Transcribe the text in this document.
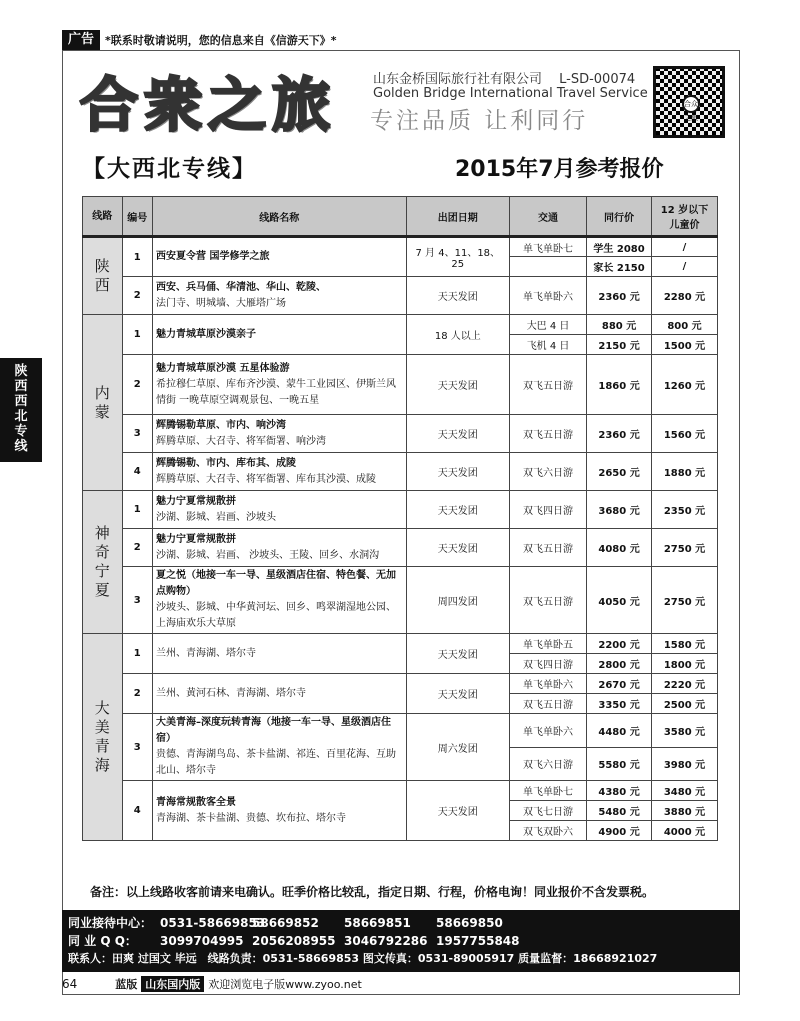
广告	*联系时敬请说明，您的信息来自《信游天下》*
合衆之旅	山东金桥国际旅行社有限公司　 L-SD-00074
Golden Bridge International Travel Service
专注品质 让利同行
合众之旅
【大西北专线】	2015年7月参考报价
陕
西
西
北
专
线
线路	编号	线路名称	出团日期	交通	同行价	12 岁以下
儿童价

陕
西	1	西安夏令营 国学修学之旅	7 月 4、11、18、25	单飞单卧七	学生 2080	/
					家长 2150	/
	2	西安、兵马俑、华清池、华山、乾陵、
法门寺、明城墙、大雁塔广场	天天发团	单飞单卧六	2360 元	2280 元

内
蒙	1	魅力青城草原沙漠亲子	18 人以上	大巴 4 日	880 元	800 元
				飞机 4 日	2150 元	1500 元
	2	魅力青城草原沙漠 五星体验游
希拉穆仁草原、库布齐沙漠、蒙牛工业园区、伊斯兰风情街 一晚草原空调观景包、一晚五星	天天发团	双飞五日游	1860 元	1260 元
	3	辉腾锡勒草原、市内、响沙湾
辉腾草原、大召寺、将军衙署、响沙湾	天天发团	双飞五日游	2360 元	1560 元
	4	辉腾锡勒、市内、库布其、成陵
辉腾草原、大召寺、将军衙署、库布其沙漠、成陵	天天发团	双飞六日游	2650 元	1880 元

神
奇
宁
夏	1	魅力宁夏常规散拼
沙湖、影城、岩画、沙坡头	天天发团	双飞四日游	3680 元	2350 元
	2	魅力宁夏常规散拼
沙湖、影城、岩画、 沙坡头、王陵、回乡、水洞沟	天天发团	双飞五日游	4080 元	2750 元
	3	夏之悦（地接一车一导、星级酒店住宿、特色餐、无加点购物）
沙坡头、影城、中华黄河坛、回乡、鸣翠湖湿地公园、上海庙欢乐大草原	周四发团	双飞五日游	4050 元	2750 元

大
美
青
海	1	兰州、青海湖、塔尔寺	天天发团	单飞单卧五	2200 元	1580 元
				双飞四日游	2800 元	1800 元
	2	兰州、黄河石林、青海湖、塔尔寺	天天发团	单飞单卧六	2670 元	2220 元
				双飞五日游	3350 元	2500 元
	3	大美青海–深度玩转青海（地接一车一导、星级酒店住宿）
贵德、青海湖鸟岛、茶卡盐湖、祁连、百里花海、互助北山、塔尔寺	周六发团	单飞单卧六	4480 元	3580 元
				双飞六日游	5580 元	3980 元
	4	青海常规散客全景
青海湖、茶卡盐湖、贵德、坎布拉、塔尔寺	天天发团	单飞单卧七	4380 元	3480 元
				双飞七日游	5480 元	3880 元
				双飞双卧六	4900 元	4000 元
备注：以上线路收客前请来电确认。旺季价格比较乱，指定日期、行程，价格电询！同业报价不含发票税。
同业接待中心： 0531-58669853
58669852	58669851	58669850
同 业 Q Q：	3099704995 2056208955 3046792286 1957755848
联系人：田爽 过国文 毕远　线路负责：0531-58669853 图文传真：0531-89005917 质量监督：18668921027
64	蓝版 山东国内版 欢迎浏览电子版www.zyoo.net
